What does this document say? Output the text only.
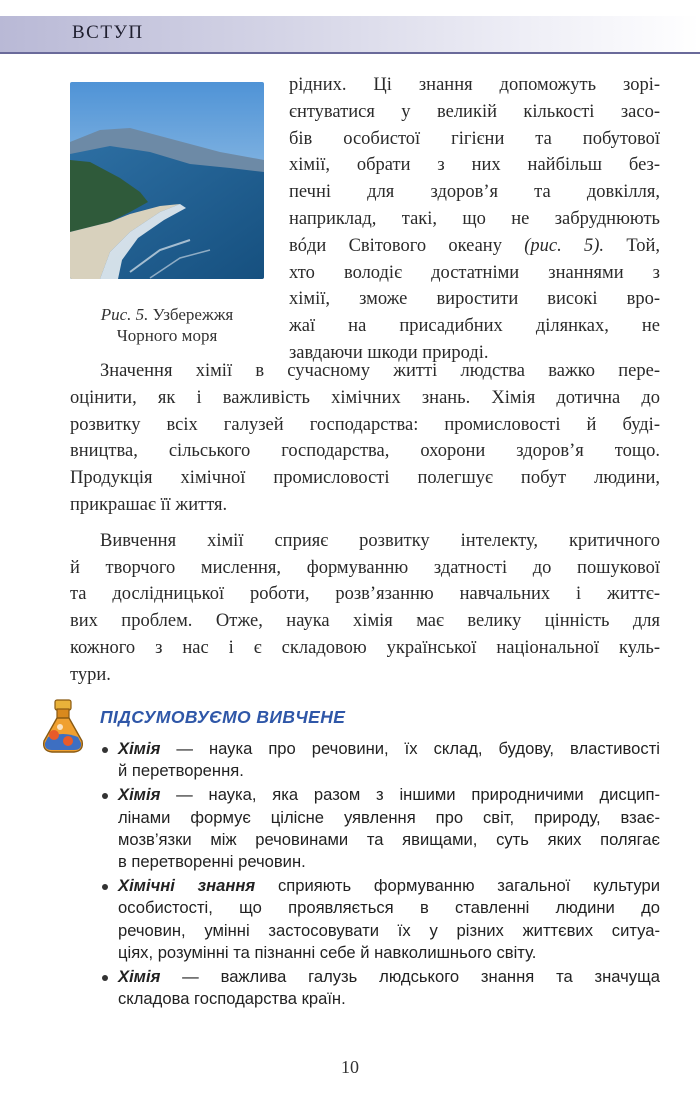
ВСТУП
Рис. 5. Узбережжя
Чорного моря
рідних. Ці знання допоможуть зорі-
єнтуватися у великій кількості засо-
бів особистої гігієни та побутової
хімії, обрати з них найбільш без-
печні для здоров’я та довкілля,
наприклад, такі, що не забруднюють
вóди Світового океану (рис. 5). Той,
хто володіє достатніми знаннями з
хімії, зможе виростити високі вро-
жаї на присадибних ділянках, не
завдаючи шкоди природі.
Значення хімії в сучасному житті людства важко пере-
оцінити, як і важливість хімічних знань. Хімія дотична до
розвитку всіх галузей господарства: промисловості й буді-
вництва, сільського господарства, охорони здоров’я тощо.
Продукція хімічної промисловості полегшує побут людини,
прикрашає її життя.
Вивчення хімії сприяє розвитку інтелекту, критичного
й творчого мислення, формуванню здатності до пошукової
та дослідницької роботи, розв’язанню навчальних і життє-
вих проблем. Отже, наука хімія має велику цінність для
кожного з нас і є складовою української національної куль-
тури.
ПІДСУМОВУЄМО ВИВЧЕНЕ
Хімія — наука про речовини, їх склад, будову, властивості
й перетворення.
Хімія — наука, яка разом з іншими природничими дисцип-
лінами формує цілісне уявлення про світ, природу, взає-
мозв’язки між речовинами та явищами, суть яких полягає
в перетворенні речовин.
Хімічні знання сприяють формуванню загальної культури
особистості, що проявляється в ставленні людини до
речовин, умінні застосовувати їх у різних життєвих ситуа-
ціях, розумінні та пізнанні себе й навколишнього світу.
Хімія — важлива галузь людського знання та значуща
складова господарства країн.
10
